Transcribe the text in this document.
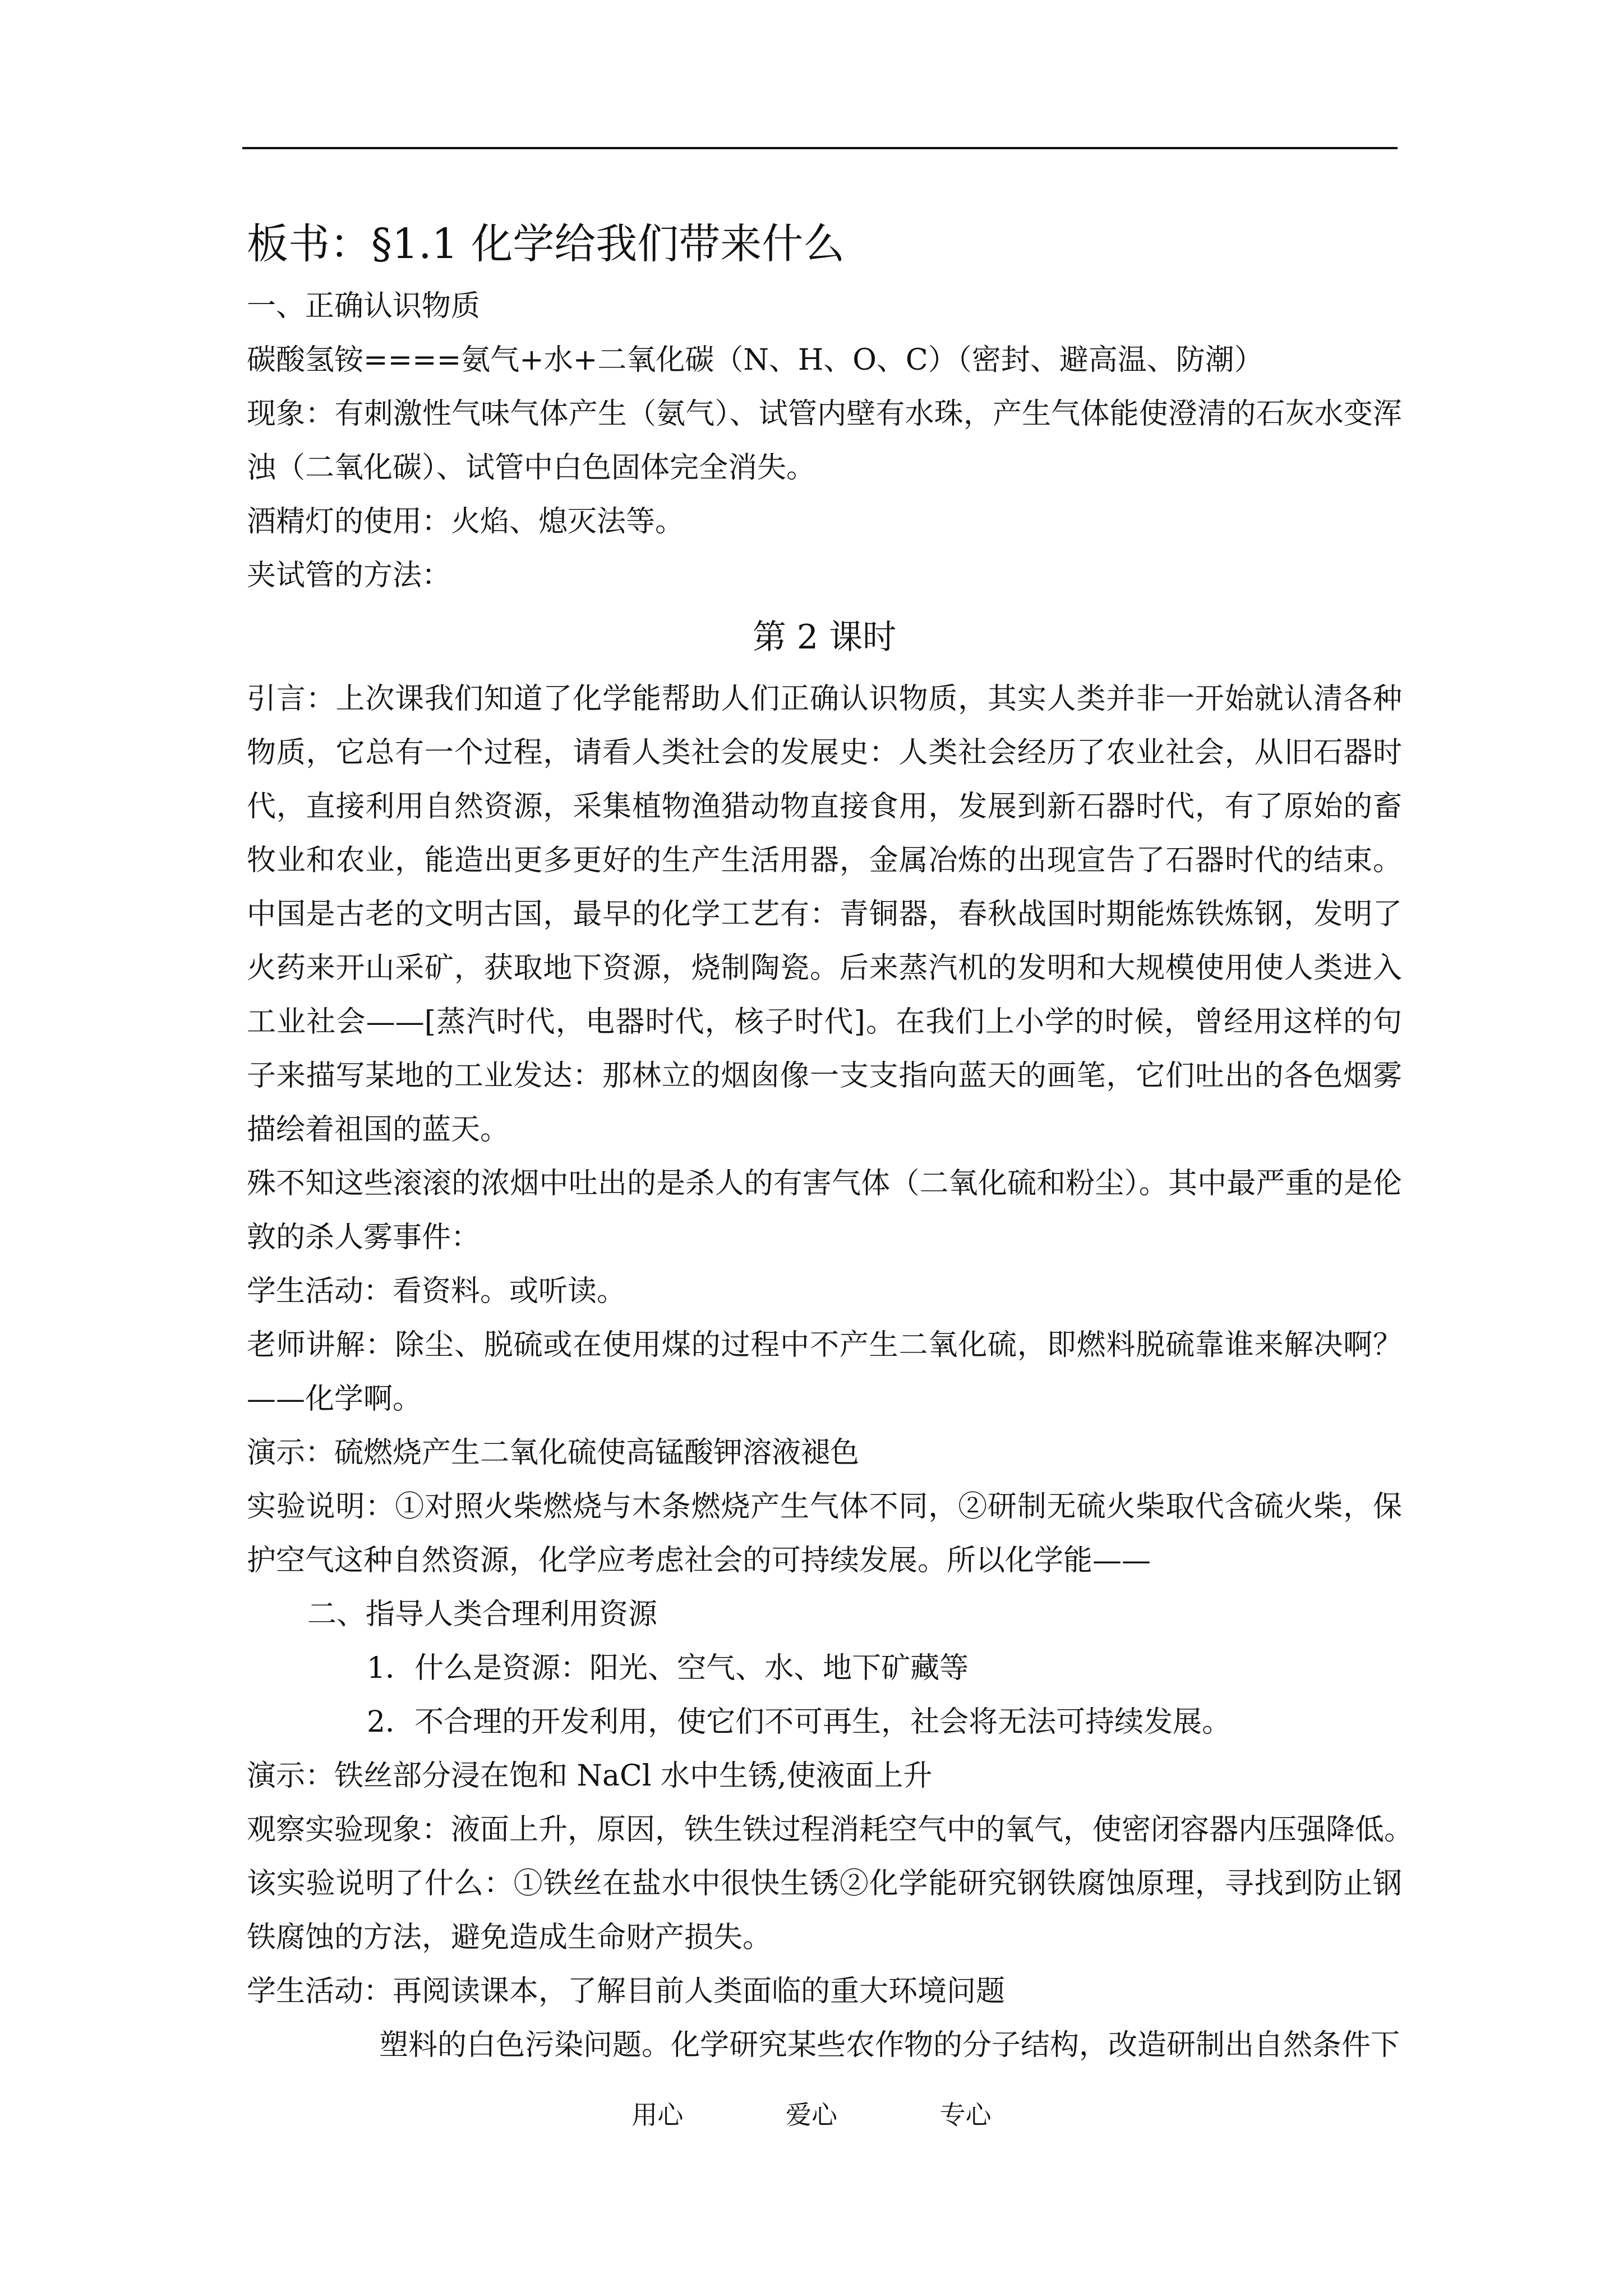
板书：§1.1 化学给我们带来什么

一、正确认识物质

碳酸氢铵====氨气+水+二氧化碳（N、H、O、C）（密封、避高温、防潮）

现象：有刺激性气味气体产生（氨气）、试管内壁有水珠，产生气体能使澄清的石灰水变浑浊（二氧化碳）、试管中白色固体完全消失。

酒精灯的使用：火焰、熄灭法等。

夹试管的方法：

第 2 课时

引言：上次课我们知道了化学能帮助人们正确认识物质，其实人类并非一开始就认清各种物质，它总有一个过程，请看人类社会的发展史：人类社会经历了农业社会，从旧石器时代，直接利用自然资源，采集植物渔猎动物直接食用，发展到新石器时代，有了原始的畜牧业和农业，能造出更多更好的生产生活用器，金属冶炼的出现宣告了石器时代的结束。中国是古老的文明古国，最早的化学工艺有：青铜器，春秋战国时期能炼铁炼钢，发明了火药来开山采矿，获取地下资源，烧制陶瓷。后来蒸汽机的发明和大规模使用使人类进入工业社会——[蒸汽时代，电器时代，核子时代]。在我们上小学的时候，曾经用这样的句子来描写某地的工业发达：那林立的烟囱像一支支指向蓝天的画笔，它们吐出的各色烟雾描绘着祖国的蓝天。

殊不知这些滚滚的浓烟中吐出的是杀人的有害气体（二氧化硫和粉尘）。其中最严重的是伦敦的杀人雾事件：

学生活动：看资料。或听读。

老师讲解：除尘、脱硫或在使用煤的过程中不产生二氧化硫，即燃料脱硫靠谁来解决啊？——化学啊。

演示：硫燃烧产生二氧化硫使高锰酸钾溶液褪色

实验说明：①对照火柴燃烧与木条燃烧产生气体不同，②研制无硫火柴取代含硫火柴，保护空气这种自然资源，化学应考虑社会的可持续发展。所以化学能——

二、指导人类合理利用资源

1．什么是资源：阳光、空气、水、地下矿藏等

2．不合理的开发利用，使它们不可再生，社会将无法可持续发展。

演示：铁丝部分浸在饱和 NaCl 水中生锈,使液面上升

观察实验现象：液面上升，原因，铁生铁过程消耗空气中的氧气，使密闭容器内压强降低。

该实验说明了什么：①铁丝在盐水中很快生锈②化学能研究钢铁腐蚀原理，寻找到防止钢铁腐蚀的方法，避免造成生命财产损失。

学生活动：再阅读课本，了解目前人类面临的重大环境问题

塑料的白色污染问题。化学研究某些农作物的分子结构，改造研制出自然条件下

用心	爱心	专心
